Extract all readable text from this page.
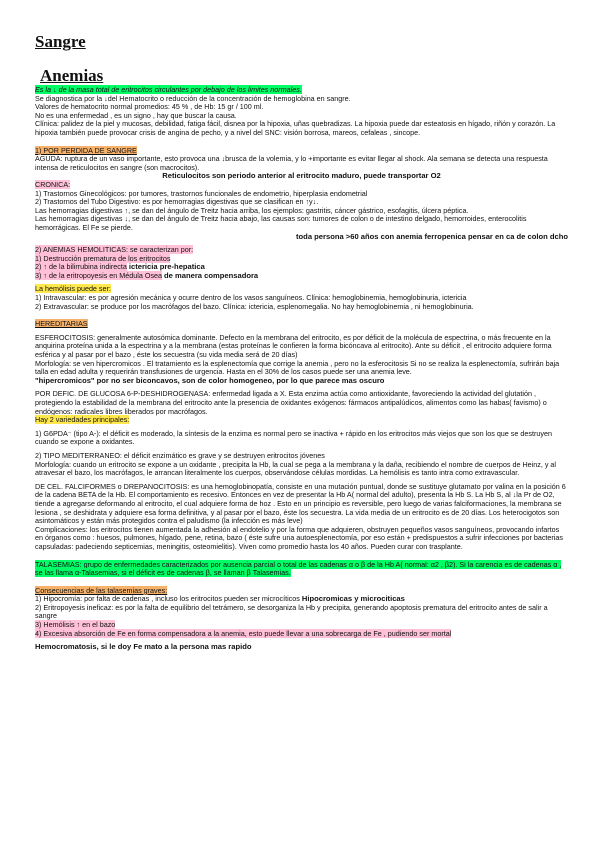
Sangre
Anemias

Es la ↓ de la masa total de eritrocitos circulantes por debajo de los limites normales.

Se diagnostica por la ↓del Hematocrito o reducción de la concentración de hemoglobina en sangre.

Valores de hematocrito normal promedios: 45 % , de Hb: 15 gr / 100 ml.

No es una enfermedad , es un signo , hay que buscar la causa.

Clínica: palidez de la piel y mucosas, debilidad, fatiga fácil, disnea por la hipoxia, uñas quebradizas. La hipoxia puede dar esteatosis en hígado, riñón y corazón. La hipoxia también puede provocar crisis de angina de pecho, y a nivel del SNC: visión borrosa, mareos, cefaleas , sincope.

1) POR PERDIDA DE SANGRE

AGUDA: ruptura de un vaso importante, esto provoca una ↓brusca de la volemia, y lo +importante es evitar llegar al shock. Ala semana se detecta una respuesta intensa de reticulocitos en sangre (son macrocitos).

Reticulocitos son periodo anterior al eritrocito maduro, puede transportar O2

CRONICA:

1) Trastornos Ginecológicos: por tumores, trastornos funcionales de endometrio, hiperplasia endometrial

2) Trastornos del Tubo Digestivo: es por hemorragias digestivas que se clasifican en ↑y↓.

Las hemorragias digestivas ↑, se dan del ángulo de Treitz hacia arriba, los ejemplos: gastritis, cáncer gástrico, esofagitis, úlcera péptica.

Las hemorragias digestivas ↓, se dan del ángulo de Treitz hacia abajo, las causas son: tumores de colon o de intestino delgado, hemorroides, enterocolitis hemorrágicas. El Fe se pierde.

toda persona >60 años con anemia ferropenica pensar en ca de colon dcho

2) ANEMIAS HEMOLITICAS: se caracterizan por:

1) Destrucción prematura de los eritrocitos

2) ↑ de la bilirrubina indirecta ictericia pre-hepatica

3) ↑ de la eritropoyesis en Médula Osea de manera compensadora

La hemólisis puede ser:

1) Intravascular: es por agresión mecánica y ocurre dentro de los vasos sanguíneos. Clínica: hemoglobinemia, hemoglobinuria, ictericia

2) Extravascular: se produce por los macrófagos del bazo. Clínica: ictericia, esplenomegalia. No hay hemoglobinemia , ni hemoglobinuria.

HEREDITARIAS

ESFEROCITOSIS: generalmente autosómica dominante. Defecto en la membrana del eritrocito, es por déficit de la molécula de espectrina, o más frecuente en la anquirina proteína unida a la espectrina y a la membrana (estas proteínas le confieren la forma bicóncava al eritrocito). Ante su déficit , el eritrocito adquiere forma esférica y al pasar por el bazo , éste los secuestra (su vida media será de 20 días)

Morfología: se ven hipercromicos . El tratamiento es la esplenectomía que corrige la anemia , pero no la esferocitosis Si no se realiza la esplenectomía, sufrirán baja talla en edad adulta y requerirán transfusiones de urgencia. Hasta en el 30% de los casos puede ser una anemia leve.

"hipercromicos" por no ser biconcavos, son de color homogeneo, por lo que parece mas oscuro

POR DEFIC. DE GLUCOSA 6-P-DESHIDROGENASA: enfermedad ligada a X. Esta enzima actúa como antioxidante, favoreciendo la actividad del glutatión , protegiendo la estabilidad de la membrana del eritrocito ante la presencia de oxidantes exógenos: fármacos antipalúdicos, alimentos como las habas( favismo) o endógenos: radicales libres liberados por macrófagos.

Hay 2 variedades principales:

1) G6PDA⁻ (tipo A-): el déficit es moderado, la síntesis de la enzima es normal pero se inactiva + rápido en los eritrocitos más viejos que son los que se destruyen cuando se expone a oxidantes.

2) TIPO MEDITERRANEO: el déficit enzimático es grave y se destruyen eritrocitos jóvenes

Morfología: cuando un eritrocito se expone a un oxidante , precipita la Hb, la cual se pega a la membrana y la daña, recibiendo el nombre de cuerpos de Heinz, y al atravesar el bazo, los macrófagos, le arrancan literalmente los cuerpos, observándose células mordidas. La hemólisis es tanto intra como extravascular.

DE CEL. FALCIFORMES o DREPANOCITOSIS: es una hemoglobinopatía, consiste en una mutación puntual, donde se sustituye glutamato por valina en la posición 6 de la cadena BETA de la Hb. El comportamiento es recesivo. Entonces en vez de presentar la Hb A( normal del adulto), presenta la Hb S. La Hb S, al ↓la Pr de O2, tiende a agregarse deformando al eritrocito, el cual adquiere forma de hoz . Esto en un principio es reversible, pero luego de varias falciformaciones, la membrana se lesiona , se deshidrata y adquiere esa forma definitiva, y al pasar por el bazo, éste los secuestra. La vida media de un eritrocito es de 20 días. Los heterocigotos son asintomáticos y están más protegidos contra el paludismo (la infección es más leve)

Complicaciones: los eritrocitos tienen aumentada la adhesión al endotelio y por la forma que adquieren, obstruyen pequeños vasos sanguíneos, provocando infartos en órganos como : huesos, pulmones, hígado, pene, retina, bazo ( éste sufre una autoesplenectomía, por eso están + predispuestos a sufrir infecciones por bacterias capsuladas: padeciendo septicemias, meningitis, osteomielitis). Viven como promedio hasta los 40 años. Pueden curar con trasplante.

TALASEMIAS: grupo de enfermedades caracterizados por ausencia parcial o total de las cadenas α o β de la Hb A( normal: α2 , β2). Si la carencia es de cadenas α , se las llama α-Talasemias, si el déficit es de cadenas β, se llaman β Talasemias.

Consecuencias de las talasemias graves:

1) Hipocromía: por falta de cadenas , incluso los eritrocitos pueden ser microcíticos Hipocromicas y microciticas

2) Eritropoyesis ineficaz: es por la falta de equilibrio del tetrámero, se desorganiza la Hb y precipita, generando apoptosis prematura del eritrocito antes de salir a sangre

3) Hemólisis ↑ en el bazo

4) Excesiva absorción de Fe en forma compensadora a la anemia, esto puede llevar a una sobrecarga de Fe , pudiendo ser mortal

Hemocromatosis, si le doy Fe mato a la persona mas rapido
